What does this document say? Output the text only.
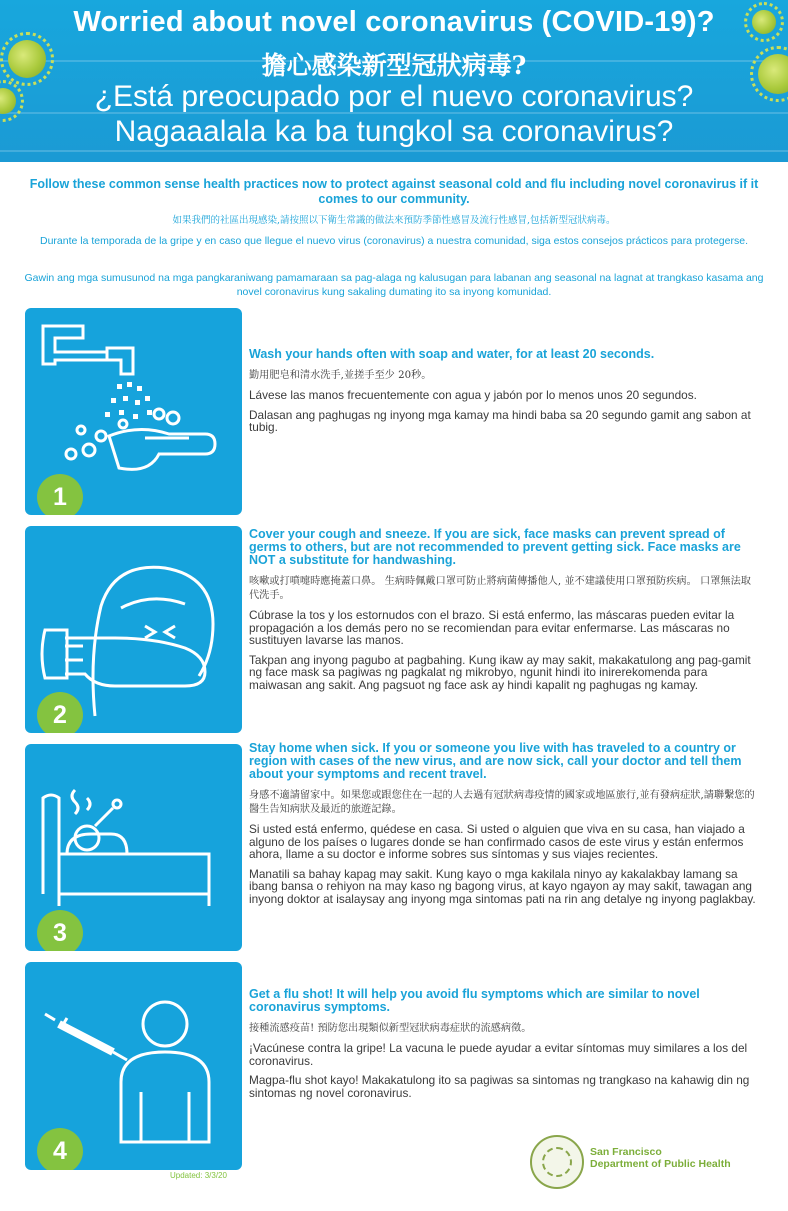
Worried about novel coronavirus (COVID-19)?
擔心感染新型冠狀病毒?
¿Está preocupado por el nuevo coronavirus?
Nagaaalala ka ba tungkol sa coronavirus?

Follow these common sense health practices now to protect against seasonal cold and flu including novel coronavirus if it comes to our community.

如果我們的社區出現感染,請按照以下衛生常識的做法來預防季節性感冒及流行性感冒,包括新型冠狀病毒。

Durante la temporada de la gripe y en caso que llegue el nuevo virus (coronavirus) a nuestra comunidad, siga estos consejos prácticos para protegerse.

Gawin ang mga sumusunod na mga pangkaraniwang pamamaraan sa pag-alaga ng kalusugan para labanan ang seasonal na lagnat at trangkaso kasama ang novel coronavirus kung sakaling dumating ito sa inyong komunidad.

1

Wash your hands often with soap and water, for at least 20 seconds.

勤用肥皂和清水洗手,並搓手至少 20秒。

Lávese las manos frecuentemente con agua y jabón por lo menos unos 20 segundos.

Dalasan ang paghugas ng inyong mga kamay ma hindi baba sa 20 segundo gamit ang sabon at tubig.

2

Cover your cough and sneeze. If you are sick, face masks can prevent spread of germs to others, but are not recommended to prevent getting sick. Face masks are NOT a substitute for handwashing.

咳嗽或打噴嚏時應掩蓋口鼻。 生病時佩戴口罩可防止將病菌傳播他人, 並不建議使用口罩預防疾病。 口罩無法取代洗手。

Cúbrase la tos y los estornudos con el brazo. Si está enfermo, las máscaras pueden evitar la propagación a los demás pero no se recomiendan para evitar enfermarse. Las máscaras no sustituyen lavarse las manos.

Takpan ang inyong pagubo at pagbahing. Kung ikaw ay may sakit, makakatulong ang pag-gamit ng face mask sa pagiwas ng pagkalat ng mikrobyo, ngunit hindi ito inirerekomenda para maiwasan ang sakit. Ang pagsuot ng face ask ay hindi kapalit ng paghugas ng kamay.

3

Stay home when sick. If you or someone you live with has traveled to a country or region with cases of the new virus, and are now sick, call your doctor and tell them about your symptoms and recent travel.

身感不適請留家中。如果您或跟您住在一起的人去過有冠狀病毒疫情的國家或地區旅行,並有發病症狀,請聯繫您的醫生告知病狀及最近的旅遊記錄。

Si usted está enfermo, quédese en casa. Si usted o alguien que viva en su casa, han viajado a alguno de los países o lugares donde se han confirmado casos de este virus y están enfermos ahora, llame a su doctor e informe sobres sus síntomas y sus viajes recientes.

Manatili sa bahay kapag may sakit. Kung kayo o mga kakilala ninyo ay kakalakbay lamang sa ibang bansa o rehiyon na may kaso ng bagong virus, at kayo ngayon ay may sakit, tawagan ang inyong doktor at isalaysay ang inyong mga sintomas pati na rin ang detalye ng inyong paglakbay.

4

Get a flu shot! It will help you avoid flu symptoms which are similar to novel coronavirus symptoms.

接種流感疫苗! 預防您出現類似新型冠狀病毒症狀的流感病徵。

¡Vacúnese contra la gripe! La vacuna le puede ayudar a evitar síntomas muy similares a los del coronavirus.

Magpa-flu shot kayo! Makakatulong ito sa pagiwas sa sintomas ng trangkaso na kahawig din ng sintomas ng novel coronavirus.

Updated: 3/3/20
San Francisco
Department of Public Health
